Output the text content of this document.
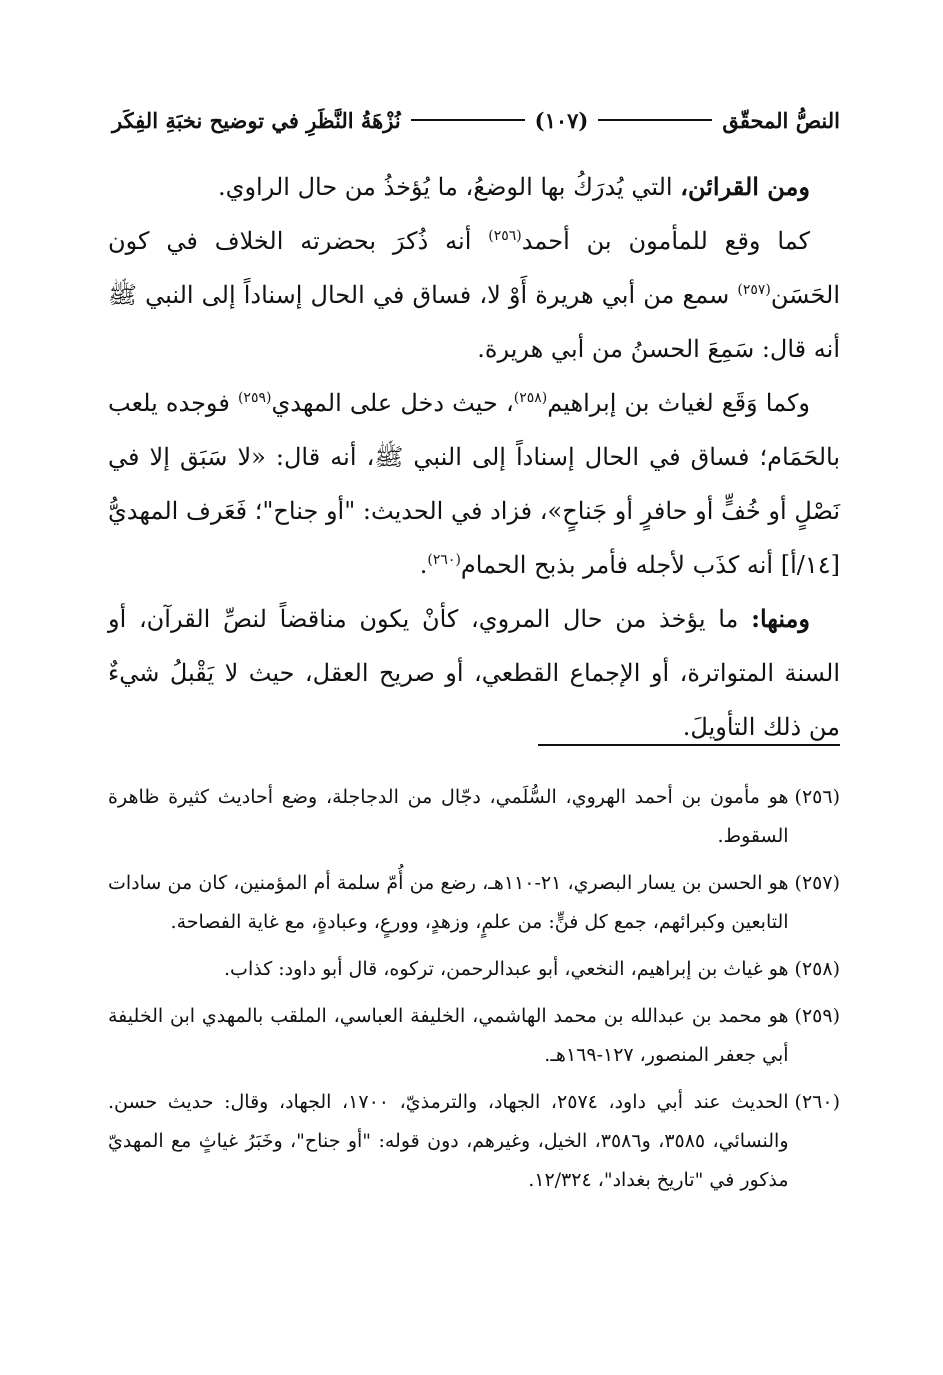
النصُّ المحقّق
(١٠٧)
نُزْهَةُ النَّظَرِ في توضيح نخبَةِ الفِكَر

ومن القرائن، التي يُدرَكُ بها الوضعُ، ما يُؤخذُ من حال الراوي.

كما وقع للمأمون بن أحمد$^{(٢٥٦)}$ أنه ذُكرَ بحضرته الخلاف في كون الحَسَن$^{(٢٥٧)}$ سمع من أبي هريرة أَوْ لا، فساق في الحال إسناداً إلى النبي ﷺ أنه قال: سَمِعَ الحسنُ من أبي هريرة.

وكما وَقَع لغياث بن إبراهيم$^{(٢٥٨)}$، حيث دخل على المهدي$^{(٢٥٩)}$ فوجده يلعب بالحَمَام؛ فساق في الحال إسناداً إلى النبي ﷺ، أنه قال: «لا سَبَق إلا في نَصْلٍ أو خُفٍّ أو حافرٍ أو جَناحٍ»، فزاد في الحديث: "أو جناح"؛ فَعَرف المهديُّ [١٤/أ] أنه كذَب لأجله فأمر بذبح الحمام$^{(٢٦٠)}$.

ومنها: ما يؤخذ من حال المروي، كأنْ يكون مناقضاً لنصِّ القرآن، أو السنة المتواترة، أو الإجماع القطعي، أو صريح العقل، حيث لا يَقْبلُ شيءٌ من ذلك التأويلَ.

(٢٥٦)
هو مأمون بن أحمد الهروي، السُّلَمي، دجّال من الدجاجلة، وضع أحاديث كثيرة ظاهرة السقوط.
(٢٥٧)
هو الحسن بن يسار البصري، ٢١-١١٠هـ، رضع من أُمّ سلمة أم المؤمنين، كان من سادات التابعين وكبرائهم، جمع كل فنٍّ: من علمٍ، وزهدٍ، وورعٍ، وعبادةٍ، مع غاية الفصاحة.
(٢٥٨)
هو غياث بن إبراهيم، النخعي، أبو عبدالرحمن، تركوه، قال أبو داود: كذاب.
(٢٥٩)
هو محمد بن عبدالله بن محمد الهاشمي، الخليفة العباسي، الملقب بالمهدي ابن الخليفة أبي جعفر المنصور، ١٢٧-١٦٩هـ.
(٢٦٠)
الحديث عند أبي داود، ٢٥٧٤، الجهاد، والترمذيّ، ١٧٠٠، الجهاد، وقال: حديث حسن. والنسائي، ٣٥٨٥، و٣٥٨٦، الخيل، وغيرهم، دون قوله: "أو جناح"، وخَبَرُ غياثٍ مع المهديّ مذكور في "تاريخ بغداد"، ١٢/٣٢٤.
